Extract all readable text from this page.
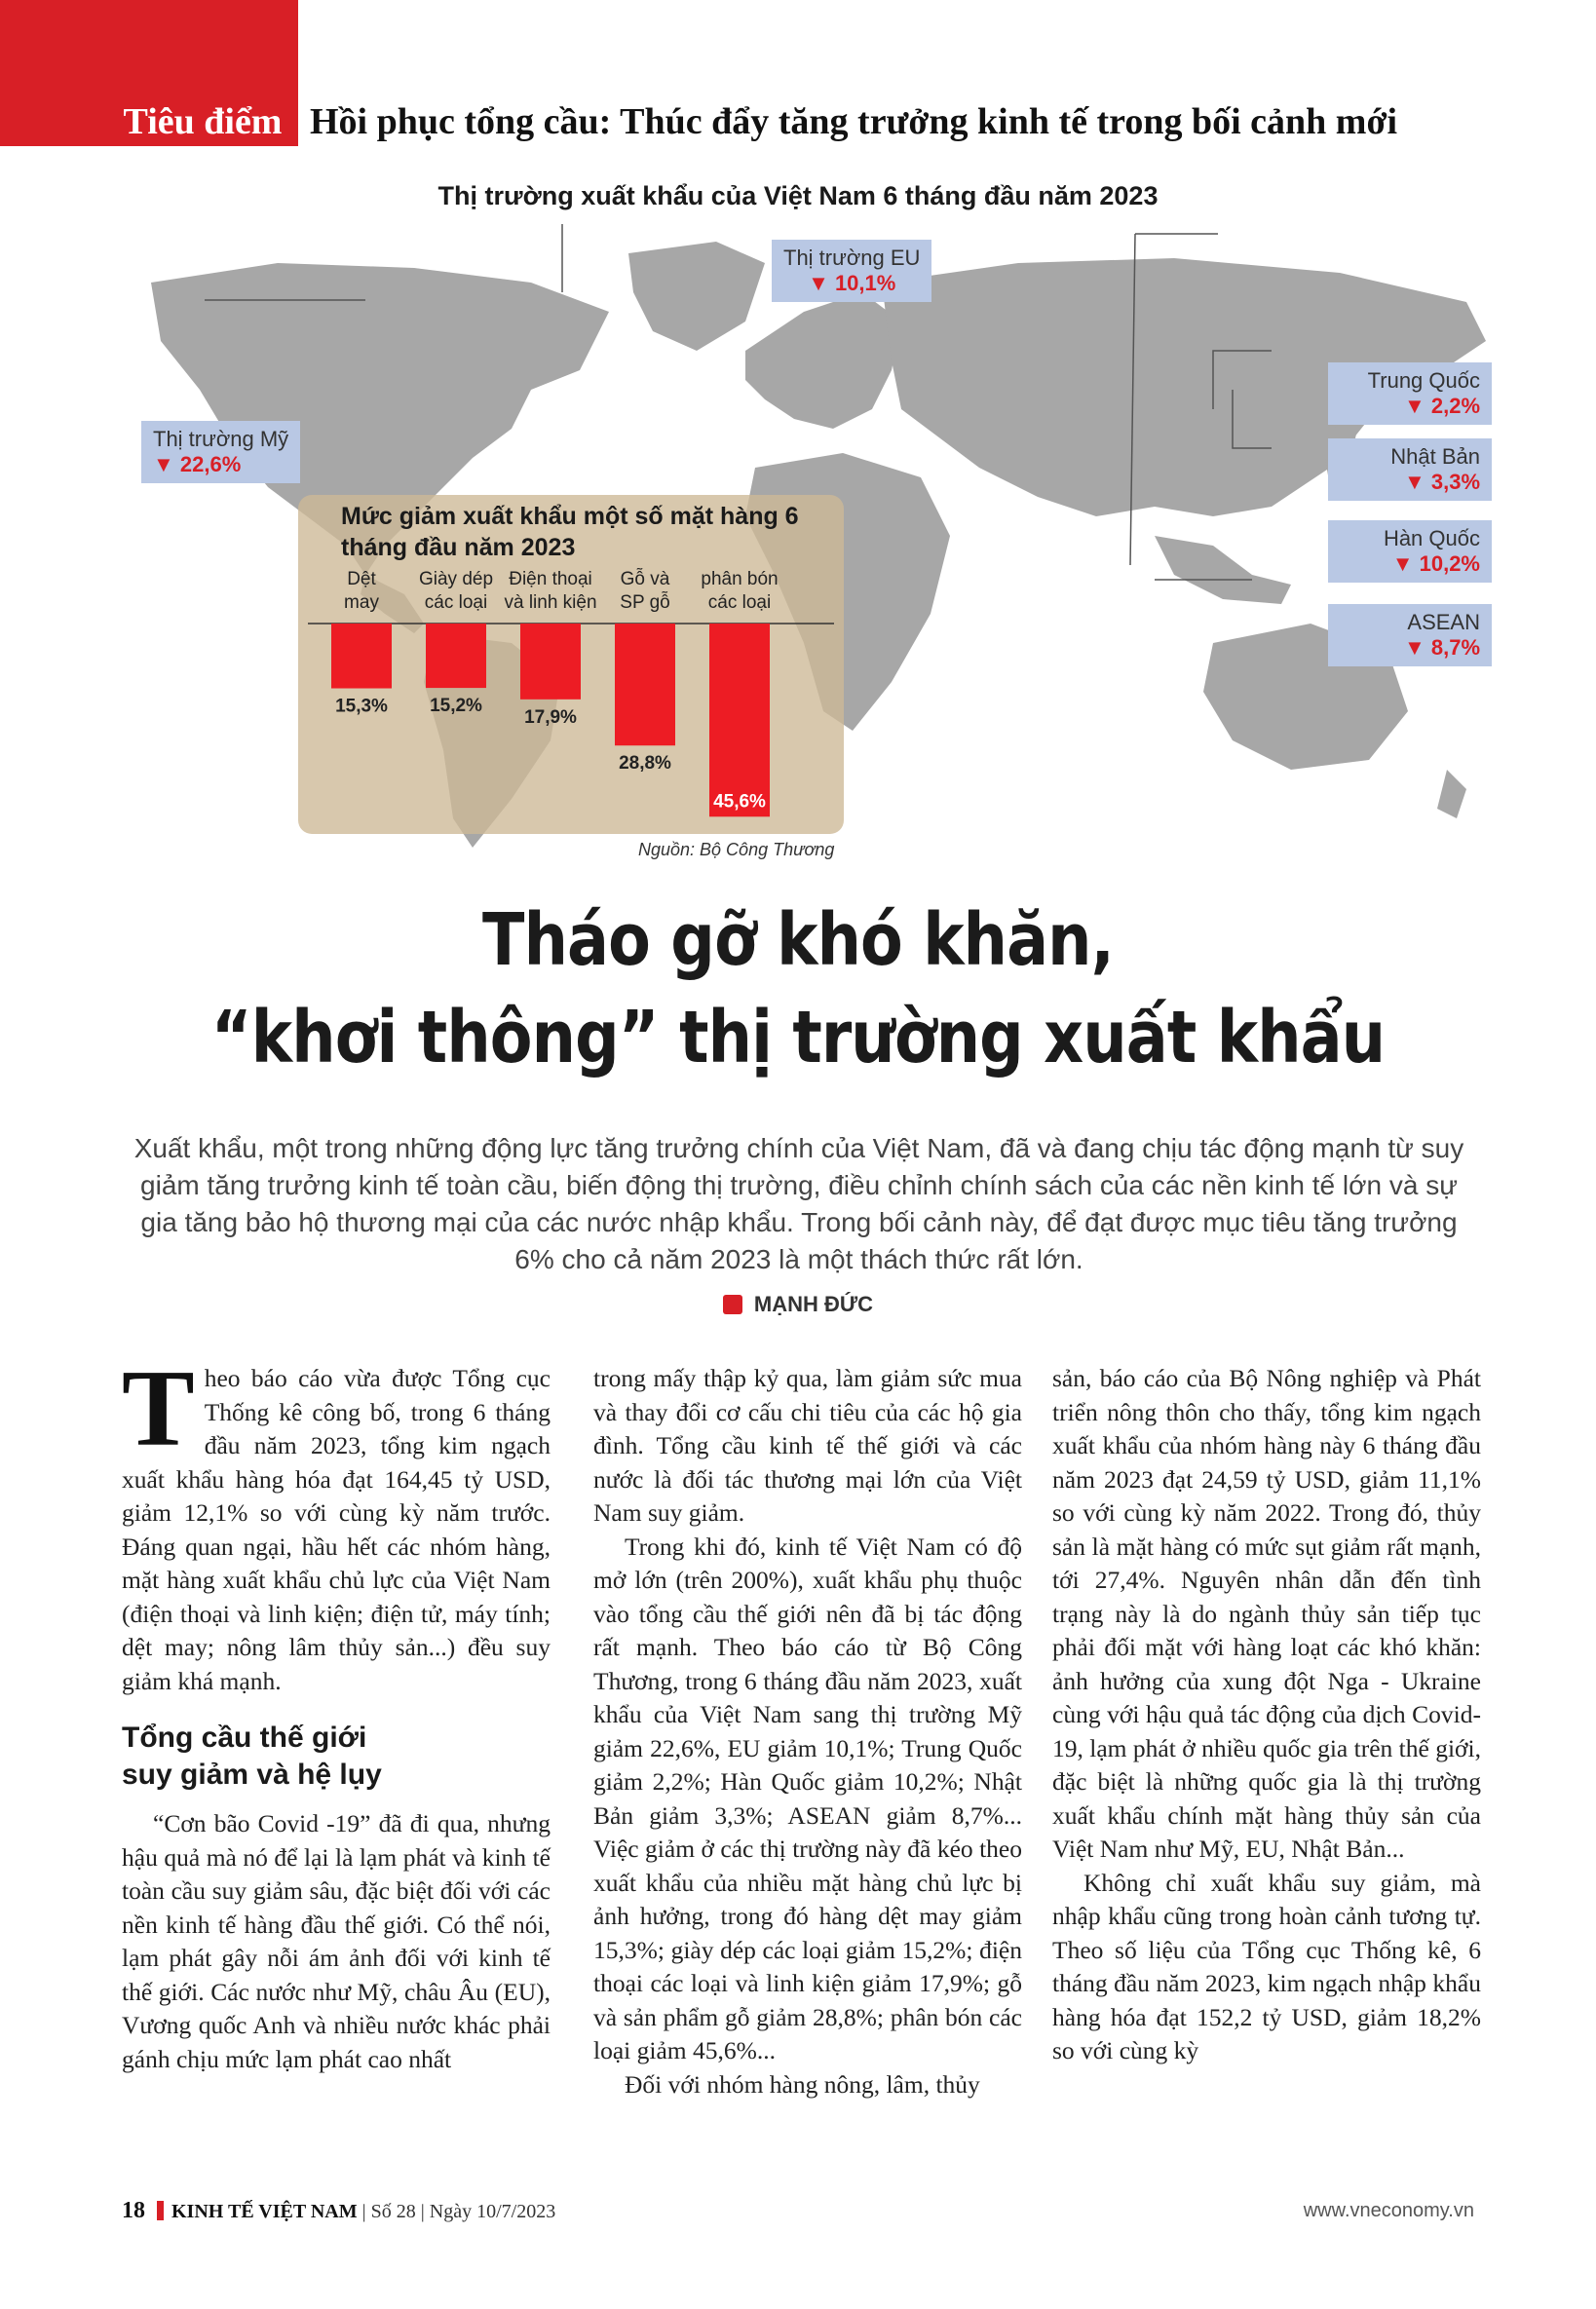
Tiêu điểm Hồi phục tổng cầu: Thúc đẩy tăng trưởng kinh tế trong bối cảnh mới
Thị trường xuất khẩu của Việt Nam 6 tháng đầu năm 2023
Thị trường Mỹ
▼ 22,6%
Thị trường EU
▼ 10,1%
Trung Quốc
▼ 2,2%
Nhật Bản
▼ 3,3%
Hàn Quốc
▼ 10,2%
ASEAN
▼ 8,7%
Mức giảm xuất khẩu một số mặt hàng 6 tháng đầu năm 2023
Dệt
may
15,3%
Giày dép
các loại
15,2%
Điện thoại
và linh kiện
17,9%
Gỗ và
SP gỗ
28,8%
phân bón
các loại
45,6%
Nguồn: Bộ Công Thương
Tháo gỡ khó khăn,
“khơi thông” thị trường xuất khẩu
Xuất khẩu, một trong những động lực tăng trưởng chính của Việt Nam, đã và đang chịu tác động mạnh từ suy giảm tăng trưởng kinh tế toàn cầu, biến động thị trường, điều chỉnh chính sách của các nền kinh tế lớn và sự gia tăng bảo hộ thương mại của các nước nhập khẩu. Trong bối cảnh này, để đạt được mục tiêu tăng trưởng 6% cho cả năm 2023 là một thách thức rất lớn.
MẠNH ĐỨC

Theo báo cáo vừa được Tổng cục Thống kê công bố, trong 6 tháng đầu năm 2023, tổng kim ngạch xuất khẩu hàng hóa đạt 164,45 tỷ USD, giảm 12,1% so với cùng kỳ năm trước. Đáng quan ngại, hầu hết các nhóm hàng, mặt hàng xuất khẩu chủ lực của Việt Nam (điện thoại và linh kiện; điện tử, máy tính; dệt may; nông lâm thủy sản...) đều suy giảm khá mạnh.

Tổng cầu thế giới
suy giảm và hệ lụy

“Cơn bão Covid -19” đã đi qua, nhưng hậu quả mà nó để lại là lạm phát và kinh tế toàn cầu suy giảm sâu, đặc biệt đối với các nền kinh tế hàng đầu thế giới. Có thể nói, lạm phát gây nỗi ám ảnh đối với kinh tế thế giới. Các nước như Mỹ, châu Âu (EU), Vương quốc Anh và nhiều nước khác phải gánh chịu mức lạm phát cao nhất

trong mấy thập kỷ qua, làm giảm sức mua và thay đổi cơ cấu chi tiêu của các hộ gia đình. Tổng cầu kinh tế thế giới và các nước là đối tác thương mại lớn của Việt Nam suy giảm.

Trong khi đó, kinh tế Việt Nam có độ mở lớn (trên 200%), xuất khẩu phụ thuộc vào tổng cầu thế giới nên đã bị tác động rất mạnh. Theo báo cáo từ Bộ Công Thương, trong 6 tháng đầu năm 2023, xuất khẩu của Việt Nam sang thị trường Mỹ giảm 22,6%, EU giảm 10,1%; Trung Quốc giảm 2,2%; Hàn Quốc giảm 10,2%; Nhật Bản giảm 3,3%; ASEAN giảm 8,7%... Việc giảm ở các thị trường này đã kéo theo xuất khẩu của nhiều mặt hàng chủ lực bị ảnh hưởng, trong đó hàng dệt may giảm 15,3%; giày dép các loại giảm 15,2%; điện thoại các loại và linh kiện giảm 17,9%; gỗ và sản phẩm gỗ giảm 28,8%; phân bón các loại giảm 45,6%...

Đối với nhóm hàng nông, lâm, thủy

sản, báo cáo của Bộ Nông nghiệp và Phát triển nông thôn cho thấy, tổng kim ngạch xuất khẩu của nhóm hàng này 6 tháng đầu năm 2023 đạt 24,59 tỷ USD, giảm 11,1% so với cùng kỳ năm 2022. Trong đó, thủy sản là mặt hàng có mức sụt giảm rất mạnh, tới 27,4%. Nguyên nhân dẫn đến tình trạng này là do ngành thủy sản tiếp tục phải đối mặt với hàng loạt các khó khăn: ảnh hưởng của xung đột Nga - Ukraine cùng với hậu quả tác động của dịch Covid-19, lạm phát ở nhiều quốc gia trên thế giới, đặc biệt là những quốc gia là thị trường xuất khẩu chính mặt hàng thủy sản của Việt Nam như Mỹ, EU, Nhật Bản...

Không chỉ xuất khẩu suy giảm, mà nhập khẩu cũng trong hoàn cảnh tương tự. Theo số liệu của Tổng cục Thống kê, 6 tháng đầu năm 2023, kim ngạch nhập khẩu hàng hóa đạt 152,2 tỷ USD, giảm 18,2% so với cùng kỳ

18 KINH TẾ VIỆT NAM | Số 28 | Ngày 10/7/2023	www.vneconomy.vn
